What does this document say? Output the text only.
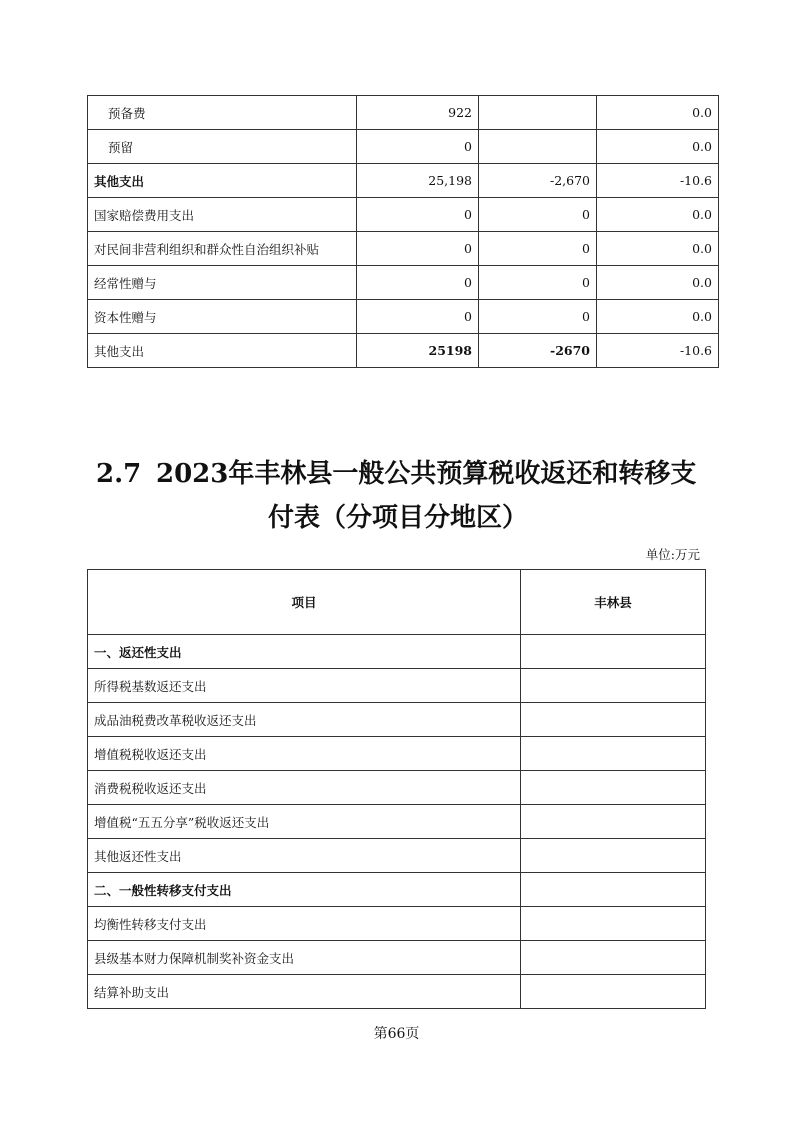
预备费	922		0.0
预留	0		0.0
其他支出	25,198	-2,670	-10.6
国家赔偿费用支出	0	0	0.0
对民间非营利组织和群众性自治组织补贴	0	0	0.0
经常性赠与	0	0	0.0
资本性赠与	0	0	0.0
其他支出	25198	-2670	-10.6
2.7 2023年丰林县一般公共预算税收返还和转移支
付表（分项目分地区）
单位:万元
项目	丰林县
一、返还性支出	
所得税基数返还支出	
成品油税费改革税收返还支出	
增值税税收返还支出	
消费税税收返还支出	
增值税“五五分享”税收返还支出	
其他返还性支出	
二、一般性转移支付支出	
均衡性转移支付支出	
县级基本财力保障机制奖补资金支出	
结算补助支出	
第66页
